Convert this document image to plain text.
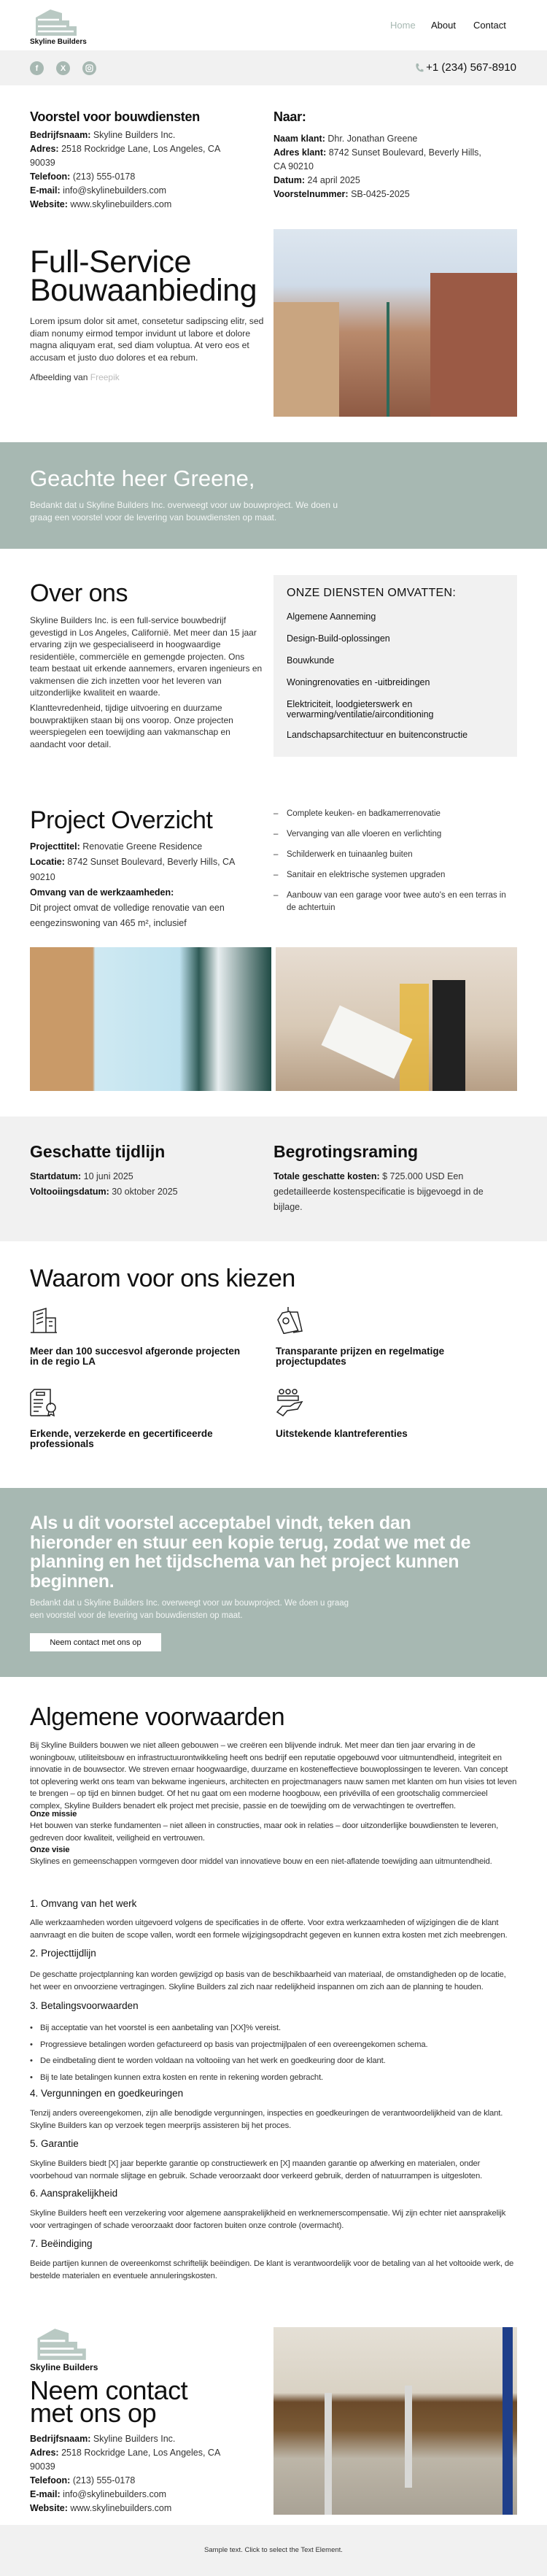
Skyline Builders
Home About Contact
f	X	+1 (234) 567-8910
Voorstel voor bouwdiensten
Bedrijfsnaam: Skyline Builders Inc.
Adres: 2518 Rockridge Lane, Los Angeles, CA 90039
Telefoon: (213) 555-0178
E-mail: info@skylinebuilders.com
Website: www.skylinebuilders.com
Naar:
Naam klant: Dhr. Jonathan Greene
Adres klant: 8742 Sunset Boulevard, Beverly Hills, CA 90210
Datum: 24 april 2025
Voorstelnummer: SB-0425-2025
Full-Service
Bouwaanbieding
Lorem ipsum dolor sit amet, consetetur sadipscing elitr, sed diam nonumy eirmod tempor invidunt ut labore et dolore magna aliquyam erat, sed diam voluptua. At vero eos et accusam et justo duo dolores et ea rebum.
Afbeelding van Freepik
Geachte heer Greene,
Bedankt dat u Skyline Builders Inc. overweegt voor uw bouwproject. We doen u graag een voorstel voor de levering van bouwdiensten op maat.
Over ons
Skyline Builders Inc. is een full-service bouwbedrijf gevestigd in Los Angeles, Californië. Met meer dan 15 jaar ervaring zijn we gespecialiseerd in hoogwaardige residentiële, commerciële en gemengde projecten. Ons team bestaat uit erkende aannemers, ervaren ingenieurs en vakmensen die zich inzetten voor het leveren van uitzonderlijke kwaliteit en waarde.
Klanttevredenheid, tijdige uitvoering en duurzame bouwpraktijken staan bij ons voorop. Onze projecten weerspiegelen een toewijding aan vakmanschap en aandacht voor detail.
ONZE DIENSTEN OMVATTEN:
Algemene Aanneming
Design-Build-oplossingen
Bouwkunde
Woningrenovaties en -uitbreidingen
Elektriciteit, loodgieterswerk en verwarming/ventilatie/airconditioning
Landschapsarchitectuur en buitenconstructie
Project Overzicht
Projecttitel: Renovatie Greene Residence
Locatie: 8742 Sunset Boulevard, Beverly Hills, CA 90210
Omvang van de werkzaamheden:
Dit project omvat de volledige renovatie van een eengezinswoning van 465 m², inclusief
– Complete keuken- en badkamerrenovatie
– Vervanging van alle vloeren en verlichting
– Schilderwerk en tuinaanleg buiten
– Sanitair en elektrische systemen upgraden
– Aanbouw van een garage voor twee auto's en een terras in de achtertuin
Geschatte tijdlijn
Startdatum: 10 juni 2025
Voltooiingsdatum: 30 oktober 2025
Begrotingsraming
Totale geschatte kosten: $ 725.000 USD Een gedetailleerde kostenspecificatie is bijgevoegd in de bijlage.
Waarom voor ons kiezen
Meer dan 100 succesvol afgeronde projecten in de regio LA
Transparante prijzen en regelmatige projectupdates
Erkende, verzekerde en gecertificeerde professionals
Uitstekende klantreferenties
Als u dit voorstel acceptabel vindt, teken dan hieronder en stuur een kopie terug, zodat we met de planning en het tijdschema van het project kunnen beginnen.
Bedankt dat u Skyline Builders Inc. overweegt voor uw bouwproject. We doen u graag een voorstel voor de levering van bouwdiensten op maat.
Neem contact met ons op
Algemene voorwaarden
Bij Skyline Builders bouwen we niet alleen gebouwen – we creëren een blijvende indruk. Met meer dan tien jaar ervaring in de woningbouw, utiliteitsbouw en infrastructuurontwikkeling heeft ons bedrijf een reputatie opgebouwd voor uitmuntendheid, integriteit en innovatie in de bouwsector. We streven ernaar hoogwaardige, duurzame en kosteneffectieve bouwoplossingen te leveren. Van concept tot oplevering werkt ons team van bekwame ingenieurs, architecten en projectmanagers nauw samen met klanten om hun visies tot leven te brengen – op tijd en binnen budget. Of het nu gaat om een moderne hoogbouw, een privévilla of een grootschalig commercieel complex, Skyline Builders benadert elk project met precisie, passie en de toewijding om de verwachtingen te overtreffen.
Onze missie
Het bouwen van sterke fundamenten – niet alleen in constructies, maar ook in relaties – door uitzonderlijke bouwdiensten te leveren, gedreven door kwaliteit, veiligheid en vertrouwen.
Onze visie
Skylines en gemeenschappen vormgeven door middel van innovatieve bouw en een niet-aflatende toewijding aan uitmuntendheid.
1. Omvang van het werk
Alle werkzaamheden worden uitgevoerd volgens de specificaties in de offerte. Voor extra werkzaamheden of wijzigingen die de klant aanvraagt en die buiten de scope vallen, wordt een formele wijzigingsopdracht gegeven en kunnen extra kosten met zich meebrengen.
2. Projecttijdlijn
De geschatte projectplanning kan worden gewijzigd op basis van de beschikbaarheid van materiaal, de omstandigheden op de locatie, het weer en onvoorziene vertragingen. Skyline Builders zal zich naar redelijkheid inspannen om zich aan de planning te houden.
3. Betalingsvoorwaarden
• Bij acceptatie van het voorstel is een aanbetaling van [XX]% vereist.
• Progressieve betalingen worden gefactureerd op basis van projectmijlpalen of een overeengekomen schema.
• De eindbetaling dient te worden voldaan na voltooiing van het werk en goedkeuring door de klant.
• Bij te late betalingen kunnen extra kosten en rente in rekening worden gebracht.
4. Vergunningen en goedkeuringen
Tenzij anders overeengekomen, zijn alle benodigde vergunningen, inspecties en goedkeuringen de verantwoordelijkheid van de klant. Skyline Builders kan op verzoek tegen meerprijs assisteren bij het proces.
5. Garantie
Skyline Builders biedt [X] jaar beperkte garantie op constructiewerk en [X] maanden garantie op afwerking en materialen, onder voorbehoud van normale slijtage en gebruik. Schade veroorzaakt door verkeerd gebruik, derden of natuurrampen is uitgesloten.
6. Aansprakelijkheid
Skyline Builders heeft een verzekering voor algemene aansprakelijkheid en werknemerscompensatie. Wij zijn echter niet aansprakelijk voor vertragingen of schade veroorzaakt door factoren buiten onze controle (overmacht).
7. Beëindiging
Beide partijen kunnen de overeenkomst schriftelijk beëindigen. De klant is verantwoordelijk voor de betaling van al het voltooide werk, de bestelde materialen en eventuele annuleringskosten.
Skyline Builders
Neem contact
met ons op
Bedrijfsnaam: Skyline Builders Inc.
Adres: 2518 Rockridge Lane, Los Angeles, CA 90039
Telefoon: (213) 555-0178
E-mail: info@skylinebuilders.com
Website: www.skylinebuilders.com
Sample text. Click to select the Text Element.
